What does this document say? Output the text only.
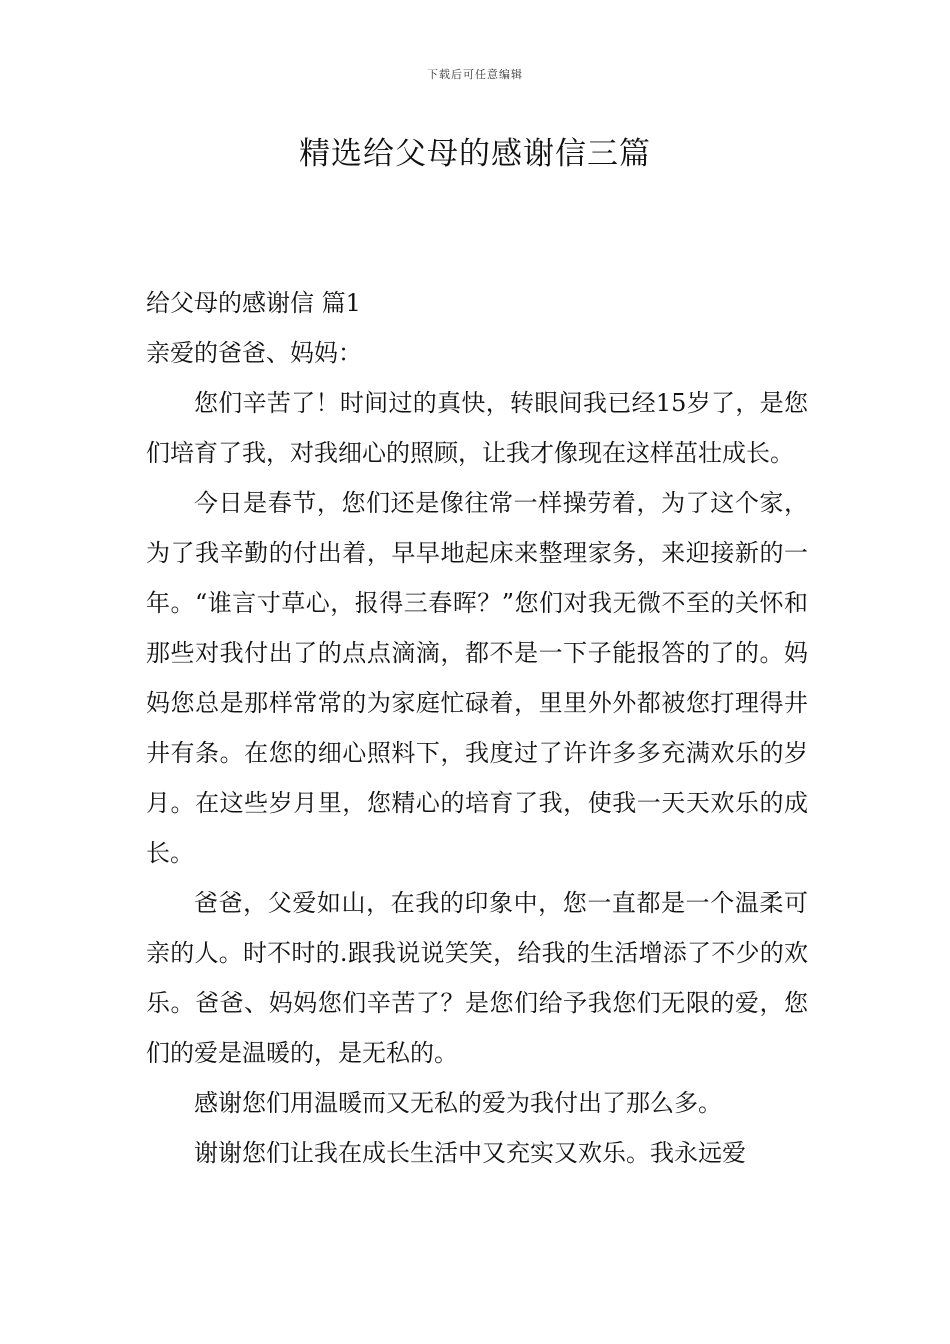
下载后可任意编辑
精选给父母的感谢信三篇

给父母的感谢信 篇1

亲爱的爸爸、妈妈：

您们辛苦了！时间过的真快，转眼间我已经15岁了，是您们培育了我，对我细心的照顾，让我才像现在这样茁壮成长。

今日是春节，您们还是像往常一样操劳着，为了这个家，为了我辛勤的付出着，早早地起床来整理家务，来迎接新的一年。“谁言寸草心，报得三春晖？”您们对我无微不至的关怀和那些对我付出了的点点滴滴，都不是一下子能报答的了的。妈妈您总是那样常常的为家庭忙碌着，里里外外都被您打理得井井有条。在您的细心照料下，我度过了许许多多充满欢乐的岁月。在这些岁月里，您精心的培育了我，使我一天天欢乐的成长。

爸爸，父爱如山，在我的印象中，您一直都是一个温柔可亲的人。时不时的.跟我说说笑笑，给我的生活增添了不少的欢乐。爸爸、妈妈您们辛苦了？是您们给予我您们无限的爱，您们的爱是温暖的，是无私的。

感谢您们用温暖而又无私的爱为我付出了那么多。

谢谢您们让我在成长生活中又充实又欢乐。我永远爱
